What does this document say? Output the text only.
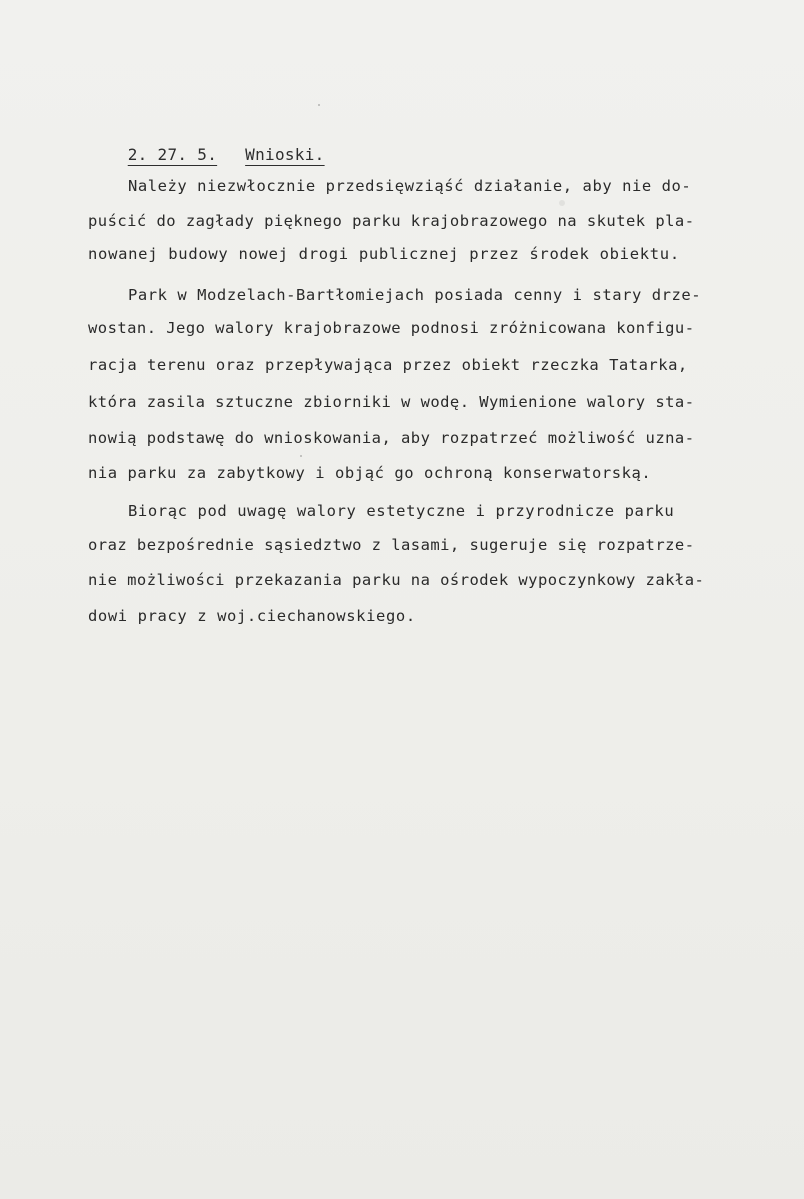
2. 27. 5. Wnioski.

Należy niezwłocznie przedsięwziąść działanie, aby nie do-
puścić do zagłady pięknego parku krajobrazowego na skutek pla-
nowanej budowy nowej drogi publicznej przez środek obiektu.
Park w Modzelach-Bartłomiejach posiada cenny i stary drze-
wostan. Jego walory krajobrazowe podnosi zróżnicowana konfigu-
racja terenu oraz przepływająca przez obiekt rzeczka Tatarka,
która zasila sztuczne zbiorniki w wodę. Wymienione walory sta-
nowią podstawę do wnioskowania, aby rozpatrzeć możliwość uzna-
nia parku za zabytkowy i objąć go ochroną konserwatorską.
Biorąc pod uwagę walory estetyczne i przyrodnicze parku
oraz bezpośrednie sąsiedztwo z lasami, sugeruje się rozpatrze-
nie możliwości przekazania parku na ośrodek wypoczynkowy zakła-
dowi pracy z woj.ciechanowskiego.
